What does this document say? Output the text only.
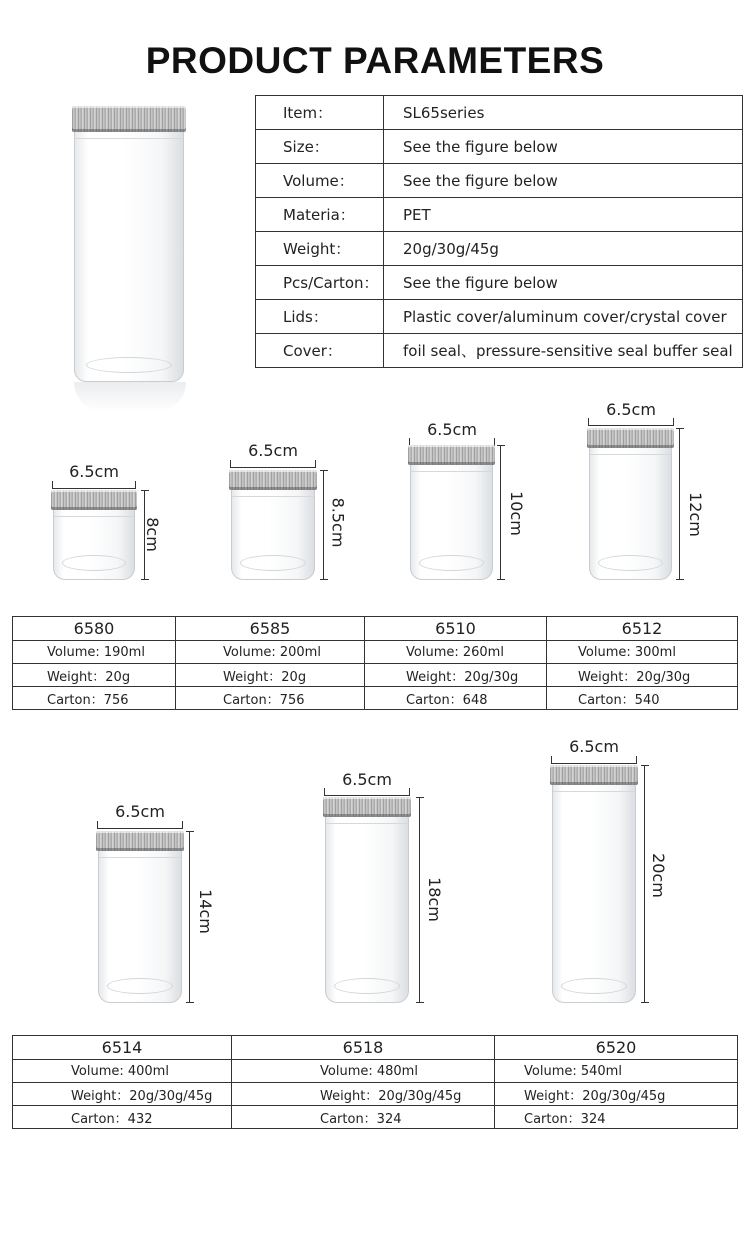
PRODUCT PARAMETERS
Item：	SL65series
Size：	See the figure below
Volume：	See the figure below
Materia：	PET
Weight：	20g/30g/45g
Pcs/Carton：	See the figure below
Lids：	Plastic cover/aluminum cover/crystal cover
Cover：	foil seal、pressure-sensitive seal buffer seal
6.5cm
8cm
6.5cm
8.5cm
6.5cm
10cm
6.5cm
12cm
6580	6585	6510	6512
Volume: 190ml	Volume: 200ml	Volume: 260ml	Volume: 300ml
Weight：20g	Weight：20g	Weight：20g/30g	Weight：20g/30g
Carton：756	Carton：756	Carton：648	Carton：540
6.5cm
14cm
6.5cm
18cm
6.5cm
20cm
6514	6518	6520
Volume: 400ml	Volume: 480ml	Volume: 540ml
Weight：20g/30g/45g	Weight：20g/30g/45g	Weight：20g/30g/45g
Carton：432	Carton：324	Carton：324
